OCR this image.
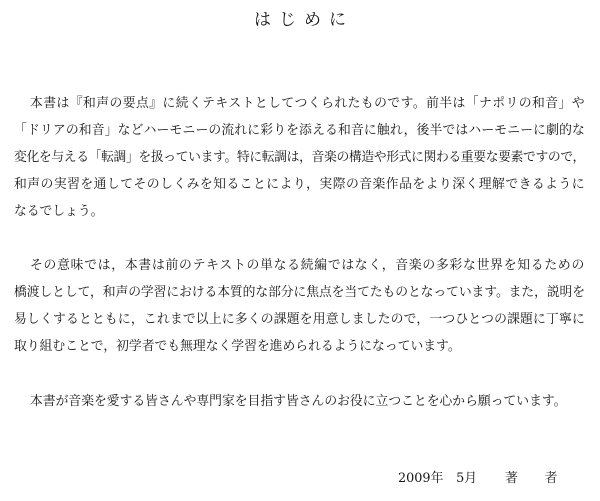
はじめに
本書は『和声の要点』に続くテキストとしてつくられたものです。前半は「ナポリの和音」や
「ドリアの和音」などハーモニーの流れに彩りを添える和音に触れ，後半ではハーモニーに劇的な
変化を与える「転調」を扱っています。特に転調は，音楽の構造や形式に関わる重要な要素ですので，
和声の実習を通してそのしくみを知ることにより，実際の音楽作品をより深く理解できるように
なるでしょう。
その意味では，本書は前のテキストの単なる続編ではなく，音楽の多彩な世界を知るための
橋渡しとして，和声の学習における本質的な部分に焦点を当てたものとなっています。また，説明を
易しくするとともに，これまで以上に多くの課題を用意しましたので，一つひとつの課題に丁寧に
取り組むことで，初学者でも無理なく学習を進められるようになっています。
本書が音楽を愛する皆さんや専門家を目指す皆さんのお役に立つことを心から願っています。
2009年　5月 著　者
